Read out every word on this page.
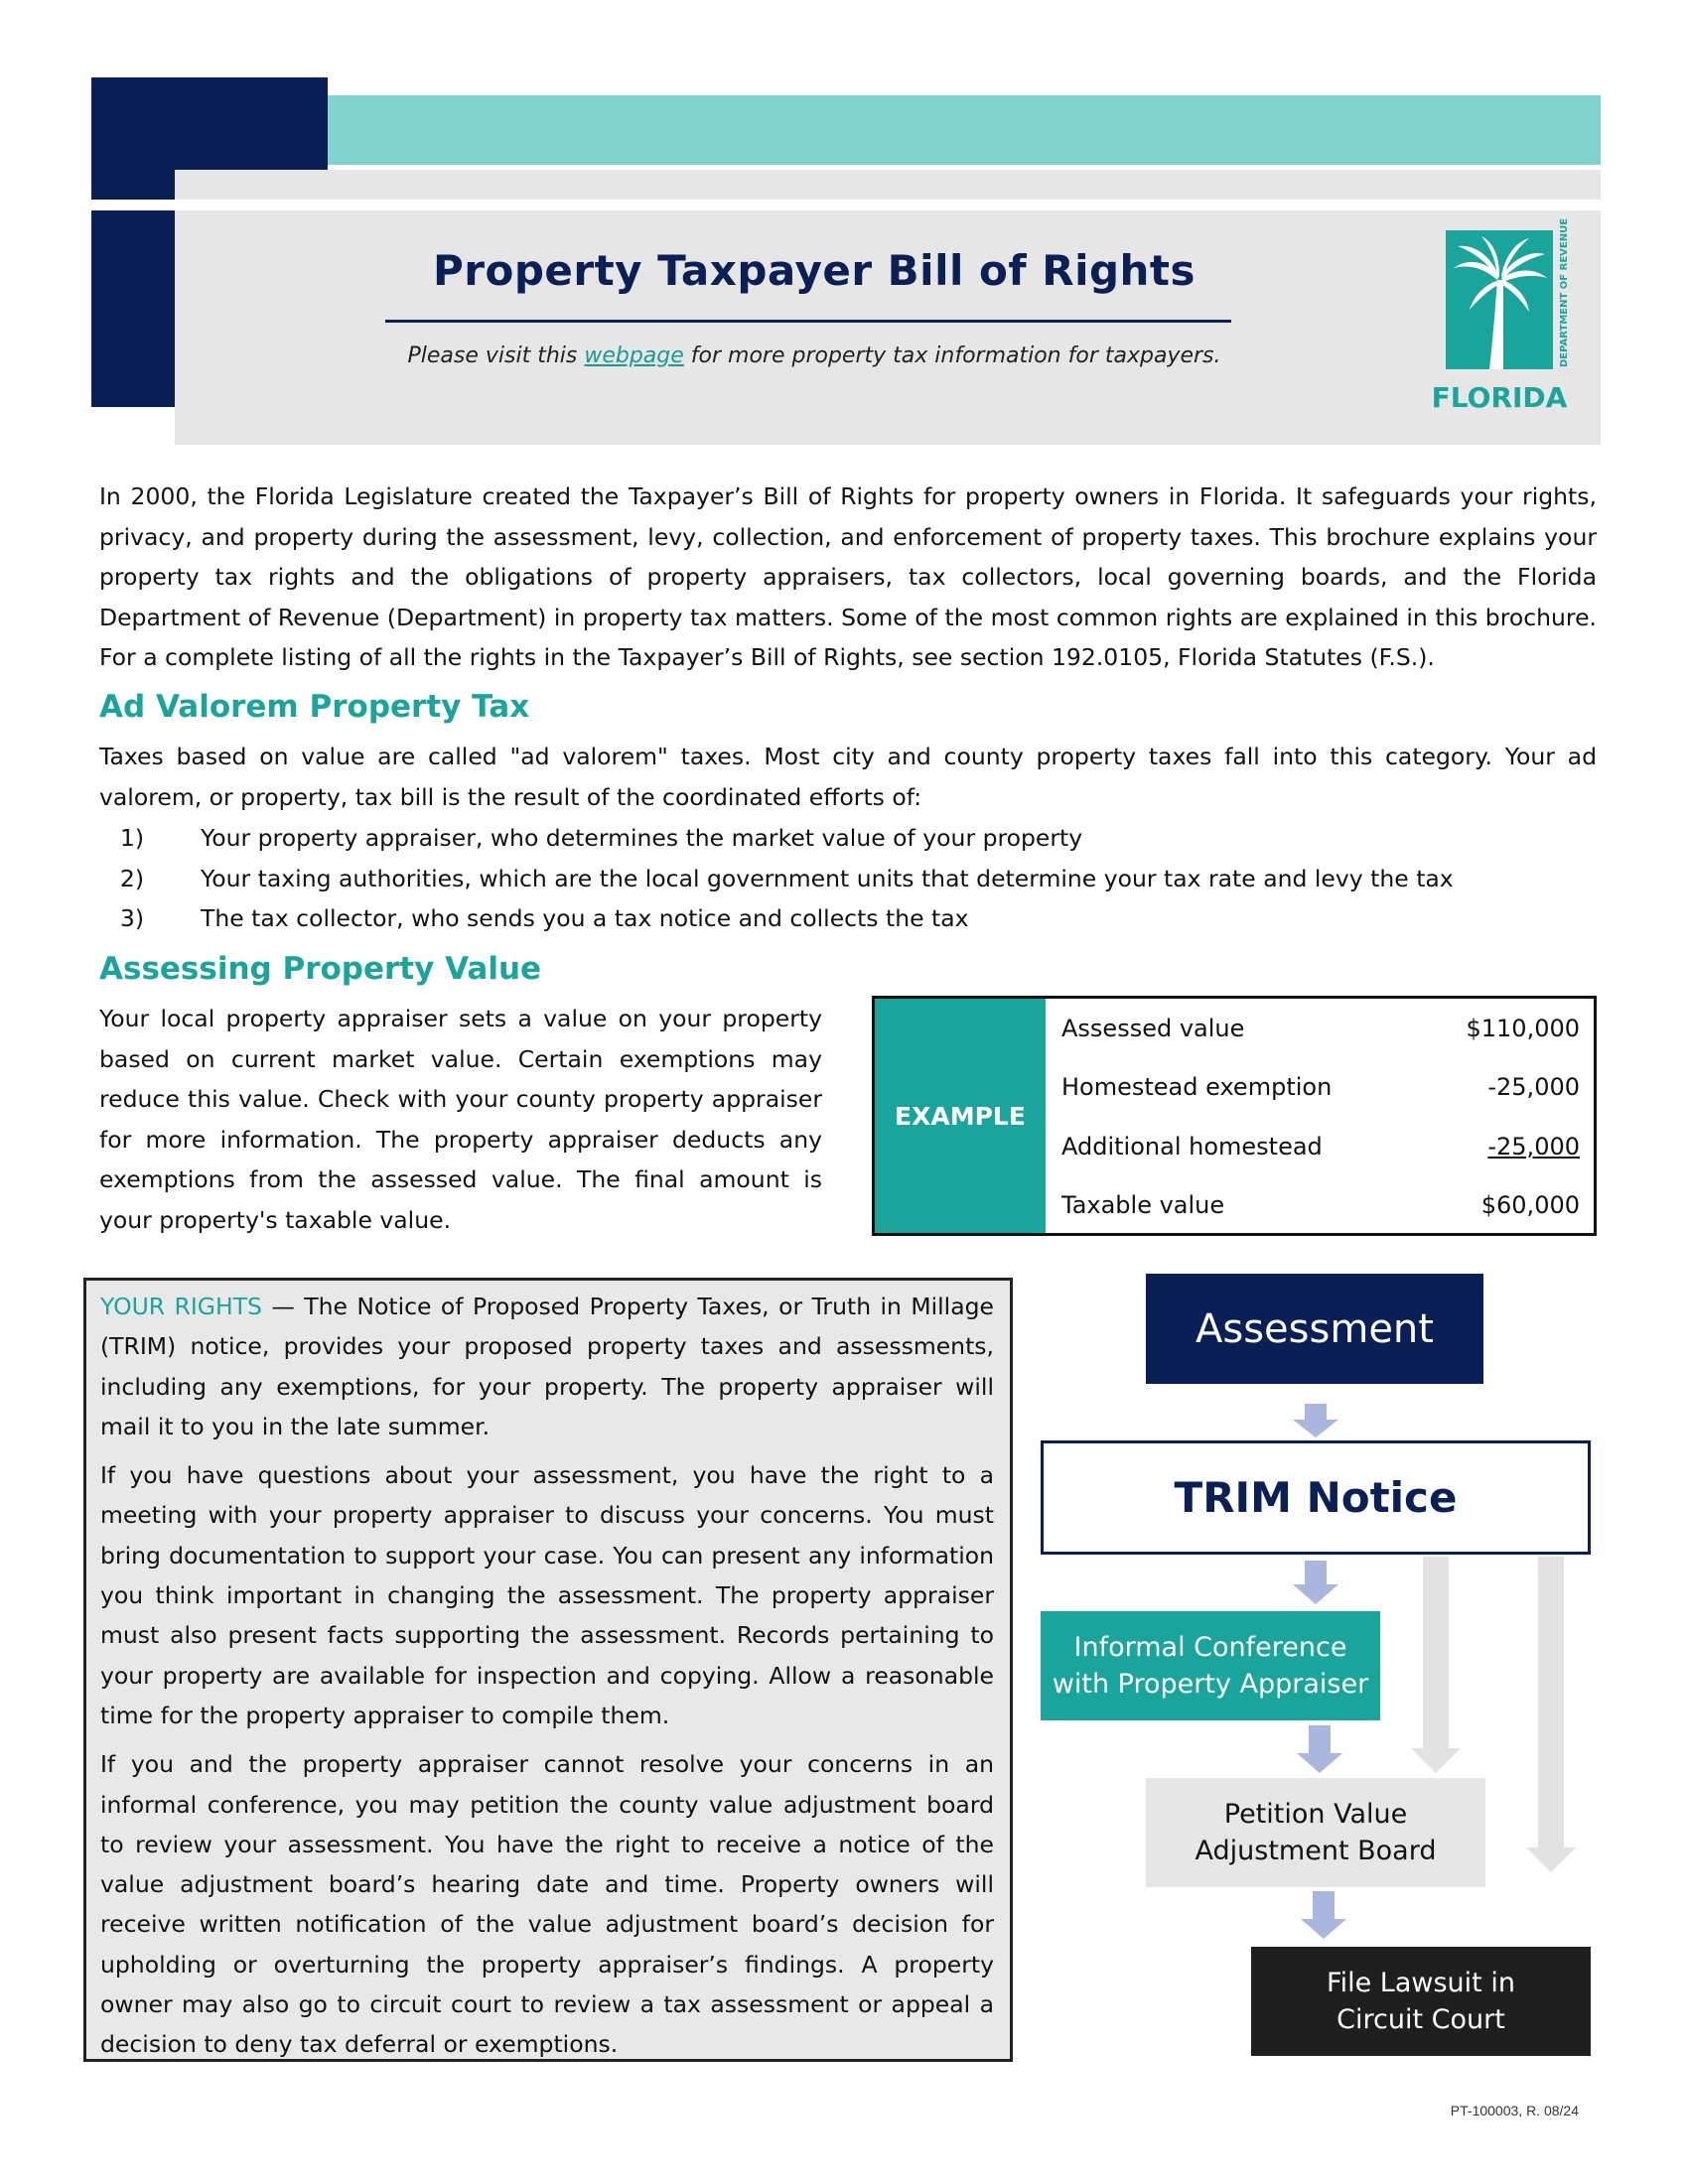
Property Taxpayer Bill of Rights
Please visit this webpage for more property tax information for taxpayers.	DEPARTMENT OF REVENUE
FLORIDA
In 2000, the Florida Legislature created the Taxpayer’s Bill of Rights for property owners in Florida. It safeguards your rights, privacy, and property during the assessment, levy, collection, and enforcement of property taxes. This brochure explains your property tax rights and the obligations of property appraisers, tax collectors, local governing boards, and the Florida Department of Revenue (Department) in property tax matters. Some of the most common rights are explained in this brochure. For a complete listing of all the rights in the Taxpayer’s Bill of Rights, see section 192.0105, Florida Statutes (F.S.).
Ad Valorem Property Tax
Taxes based on value are called "ad valorem" taxes. Most city and county property taxes fall into this category. Your ad valorem, or property, tax bill is the result of the coordinated efforts of:
1) Your property appraiser, who determines the market value of your property
2) Your taxing authorities, which are the local government units that determine your tax rate and levy the tax
3) The tax collector, who sends you a tax notice and collects the tax
Assessing Property Value
Your local property appraiser sets a value on your property based on current market value. Certain exemptions may reduce this value. Check with your county property appraiser for more information. The property appraiser deducts any exemptions from the assessed value. The final amount is your property's taxable value.
EXAMPLE
Assessed value	$110,000
Homestead exemption	-25,000
Additional homestead	-25,000
Taxable value	$60,000

YOUR RIGHTS — The Notice of Proposed Property Taxes, or Truth in Millage (TRIM) notice, provides your proposed property taxes and assessments, including any exemptions, for your property. The property appraiser will mail it to you in the late summer.

If you have questions about your assessment, you have the right to a meeting with your property appraiser to discuss your concerns. You must bring documentation to support your case. You can present any information you think important in changing the assessment. The property appraiser must also present facts supporting the assessment. Records pertaining to your property are available for inspection and copying. Allow a reasonable time for the property appraiser to compile them.

If you and the property appraiser cannot resolve your concerns in an informal conference, you may petition the county value adjustment board to review your assessment. You have the right to receive a notice of the value adjustment board’s hearing date and time. Property owners will receive written notification of the value adjustment board’s decision for upholding or overturning the property appraiser’s findings. A property owner may also go to circuit court to review a tax assessment or appeal a decision to deny tax deferral or exemptions.

Assessment
TRIM Notice
Informal Conference
with Property Appraiser
Petition Value
Adjustment Board
File Lawsuit in
Circuit Court
PT-100003, R. 08/24
